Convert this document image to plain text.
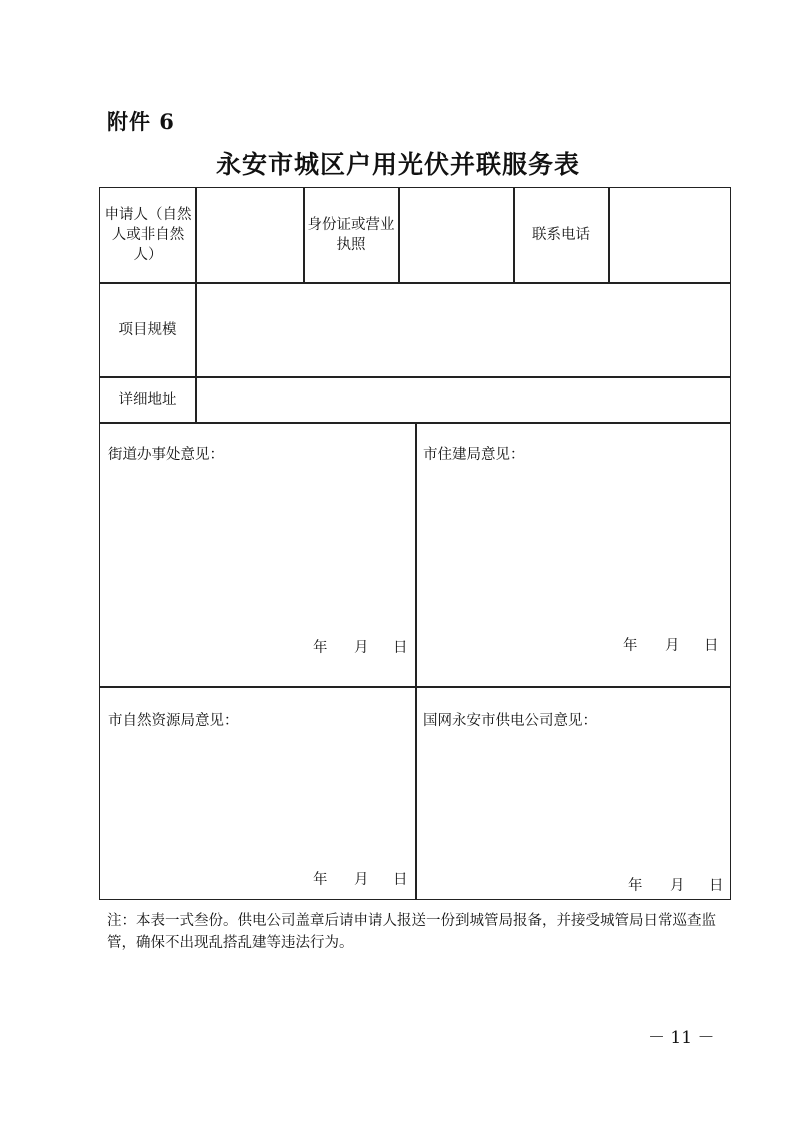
附件 6
永安市城区户用光伏并联服务表
申请人（自然人或非自然人）
身份证或营业执照
联系电话
项目规模
详细地址
街道办事处意见：
年 月 日
市住建局意见：
年 月 日
市自然资源局意见：
年 月 日
国网永安市供电公司意见：
年 月 日
注：本表一式叁份。供电公司盖章后请申请人报送一份到城管局报备，并接受城管局日常巡查监管，确保不出现乱搭乱建等违法行为。
－ 11 －
